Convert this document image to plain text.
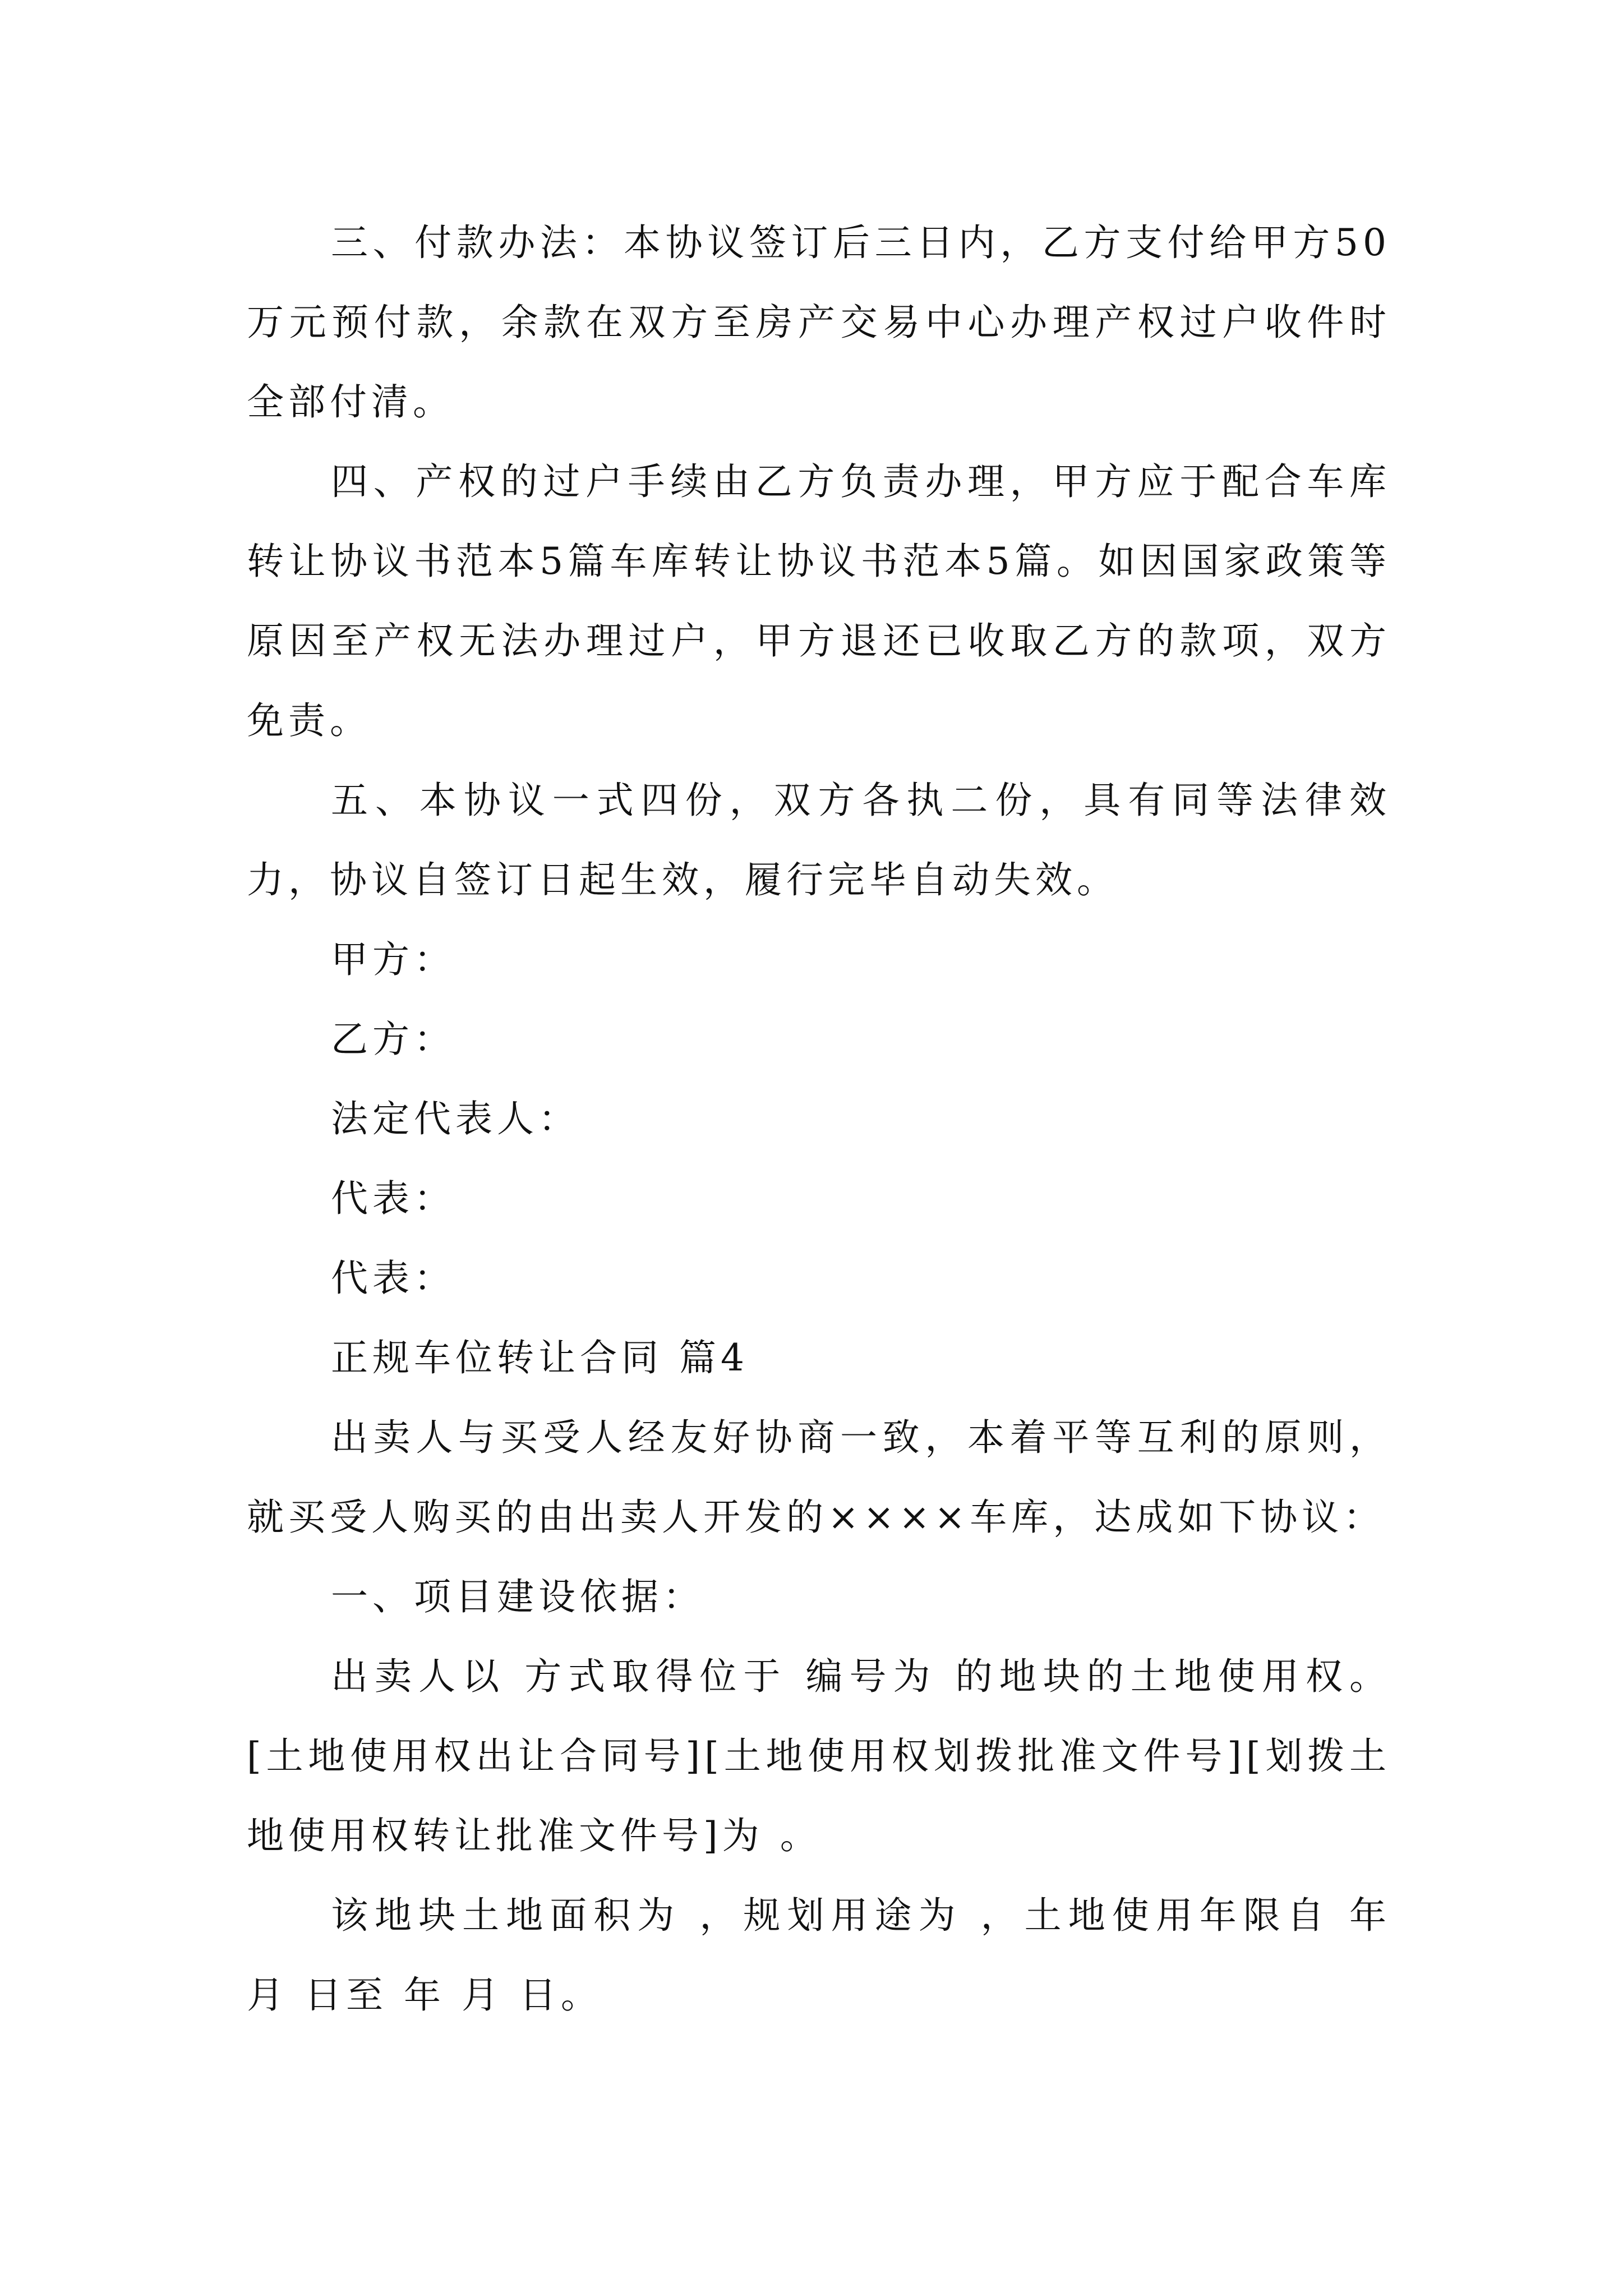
三、付款办法：本协议签订后三日内，乙方支付给甲方50万元预付款，余款在双方至房产交易中心办理产权过户收件时全部付清。

四、产权的过户手续由乙方负责办理，甲方应于配合车库转让协议书范本5篇车库转让协议书范本5篇。如因国家政策等原因至产权无法办理过户，甲方退还已收取乙方的款项，双方免责。

五、本协议一式四份，双方各执二份，具有同等法律效力，协议自签订日起生效，履行完毕自动失效。

甲方：

乙方：

法定代表人：

代表：

代表：

正规车位转让合同 篇4

出卖人与买受人经友好协商一致，本着平等互利的原则，就买受人购买的由出卖人开发的××××车库，达成如下协议：

一、项目建设依据：

出卖人以 方式取得位于 编号为 的地块的土地使用权。[土地使用权出让合同号][土地使用权划拨批准文件号][划拨土地使用权转让批准文件号]为 。

该地块土地面积为 ，规划用途为 ，土地使用年限自 年 月 日至 年 月 日。
